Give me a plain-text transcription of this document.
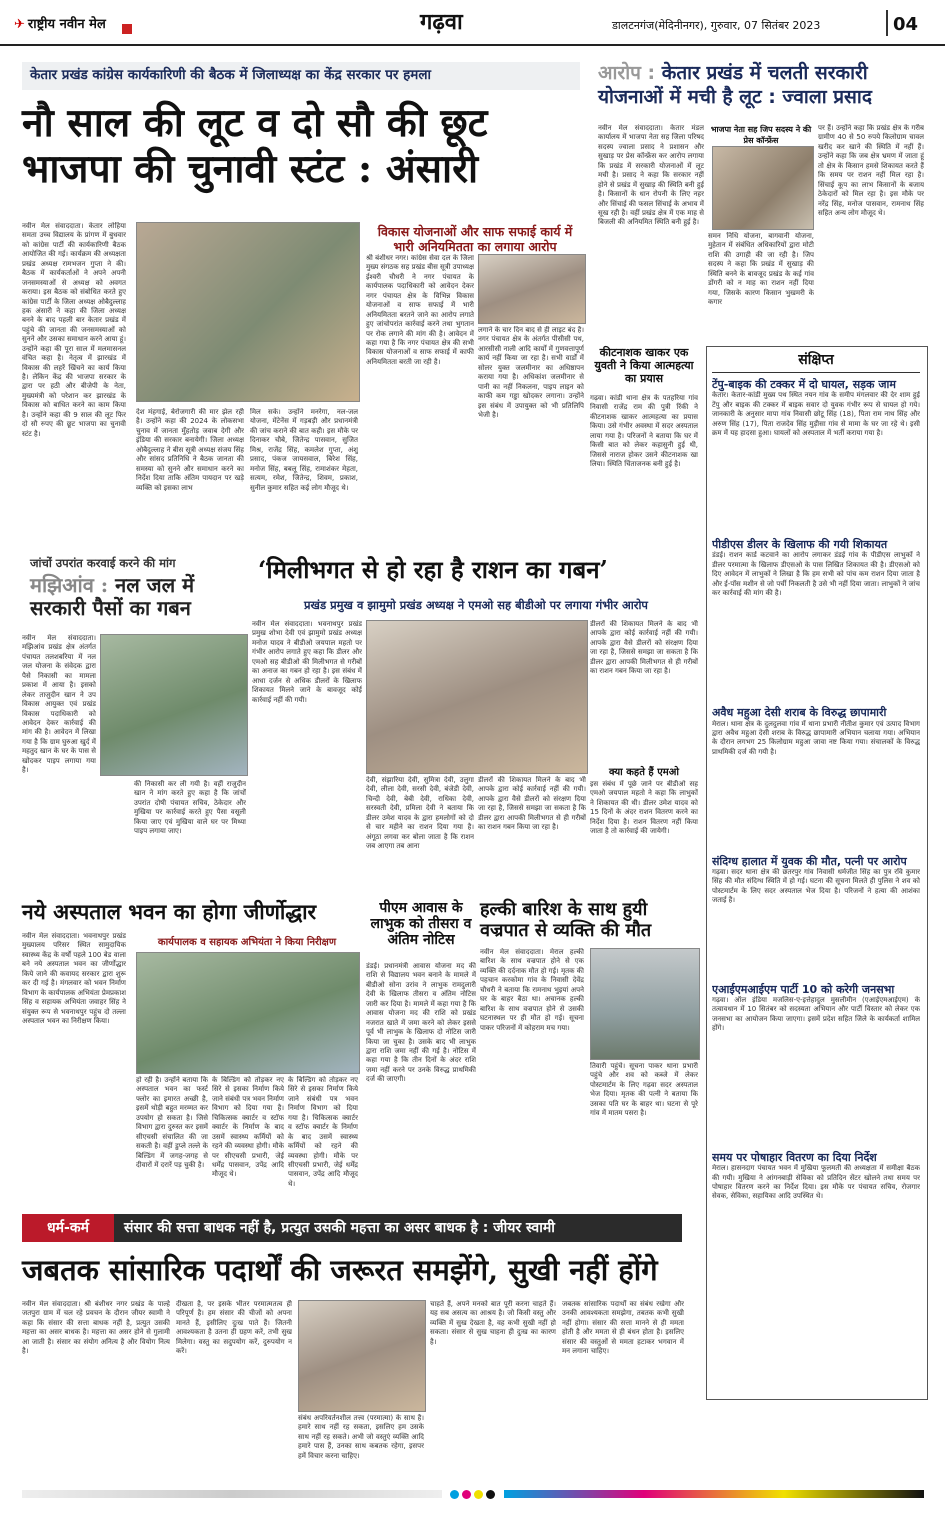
✈ राष्ट्रीय नवीन मेल	गढ़वा	डालटनगंज(मेदिनीनगर), गुरुवार, 07 सितंबर 2023	04
केतार प्रखंड कांग्रेस कार्यकारिणी की बैठक में जिलाध्यक्ष का केंद्र सरकार पर हमला
नौ साल की लूट व दो सौ की छूट
भाजपा की चुनावी स्टंट : अंसारी
नवीन मेल संवाददाता। केतार लोहिया समता उच्च विद्यालय के प्रांगण में बुधवार को कांग्रेस पार्टी की कार्यकारिणी बैठक आयोजित की गई। कार्यक्रम की अध्यक्षता प्रखंड अध्यक्ष रामभजन गुप्ता ने की। बैठक में कार्यकर्ताओं ने अपने अपनी जनसमस्याओं से अध्यक्ष को अवगत कराया। इस बैठक को संबोधित करते हुए कांग्रेस पार्टी के जिला अध्यक्ष ओबैदुल्लाह हक अंसारी ने कहा की जिला अध्यक्ष बनने के बाद पहली बार केतार प्रखंड में पहुंचे की जानता की जनसमस्याओं को सुनने और उसका समाधान करने आया हूं। उन्होंने कहा की पूरा साल में मलमासनल वंचित कहा है। नेतृत्व में झारखंड में विकास की लहरें खिंचने का कार्य किया है। लेकिन केंद्र की भाजपा सरकार के द्वारा पर हठी और बीजेपी के नेता, मुख्यमंत्री को परेशान कर झारखंड के विकास को बाधित करने का काम किया है। उन्होंने कहा की 9 साल की लूट फिर दो सौ रुपए की छूट भाजपा का चुनावी स्टंट है।
देश मंहगाई, बेरोजगारी की मार झेल रही है। उन्होंने कहा की 2024 के लोकसभा चुनाव में जानता मुँहतोड़ जवाब देगी और इंडिया की सरकार बनायेगी। जिला अध्यक्ष ओबैदुल्लाह ने बीस सूत्री अध्यक्ष संजय सिंह और सांसद प्रतिनिधि ने बैठक जानता की समस्या को सुनने और समाधान करने का निर्देश दिया ताकि अंतिम पायदान पर खड़े व्यक्ति को इसका लाभ
मिल सके। उन्होंने मनरेगा, नल-जल योजना, मेंटेनेंस में गड़बड़ी और प्रधानमंत्री की जांच कराने की बात कही। इस मौके पर दिनाकर चौबे, जितेन्द्र पासवान, सुजित मिश्र, राजेंद्र सिंह, कमलेश गुप्ता, अंशु प्रसाद, पंकज जायसवाल, बिरेश सिंह, मनोज सिंह, बबलू सिंह, रामाशंकर मेहता, सत्यम, रमेश, जितेन्द्र, शिवम, प्रकाश, सुनील कुमार सहित कई लोग मौजूद थे।
विकास योजनाओं और साफ सफाई कार्य में भारी अनियमितता का लगाया आरोप
श्री बंशीधर नगर। कांग्रेस सेवा दल के जिला मुख्य संगठक सह प्रखंड बीस सूत्री उपाध्यक्ष ईश्वरी चौधरी ने नगर पंचायत के कार्यपालक पदाधिकारी को आवेदन देकर नगर पंचायत क्षेत्र के विभिन्न विकास योजनाओं व साफ सफाई में भारी अनियमितता बरतने जाने का आरोप लगाते हुए जांचोपरांत कार्रवाई करने तथा भुगतान पर रोक लगाने की मांग की है। आवेदन में कहा गया है कि नगर पंचायत क्षेत्र की सभी विकास योजनाओं व साफ सफाई में काफी अनियमितता बरती जा रही है।
लगाने के चार दिन बाद से ही लाइट बंद है। नगर पंचायत क्षेत्र के अंतर्गत पीसीसी पथ, आरसीसी नाली आदि कार्यों में गुणवत्तापूर्ण कार्य नहीं किया जा रहा है। सभी वार्डों में सोलर युक्त जलमीनार का अधिष्ठापन कराया गया है। अधिकांश जलमीनार से पानी का नहीं निकलना, पाइप लाइन को काफी कम गड्ढा खोदकर लगाना। उन्होंने इस संबंध में उपायुक्त को भी प्रतिलिपि भेजी है।
आरोप : केतार प्रखंड में चलती सरकारी योजनाओं में मची है लूट : ज्वाला प्रसाद
नवीन मेल संवाददाता। केतार मंडल कार्यालय में भाजपा नेता सह जिला परिषद सदस्य ज्वाला प्रसाद ने प्रशासन और सुखाड़ पर प्रेस कॉन्फ्रेंस कर आरोप लगाया कि प्रखंड में सरकारी योजनाओं में लूट मची है। प्रसाद ने कहा कि सरकार नहीं होने से प्रखंड में सुखाड़ की स्थिति बनी हुई है। किसानों के धान रोपनी के लिए नहर और सिंचाई की फसल सिंचाई के अभाव में सूख रही है। वहीं प्रखंड क्षेत्र में एक माह से बिजली की अनियमित स्थिति बनी हुई है।
भाजपा नेता सह जिप सदस्य ने की प्रेस कॉन्फ्रेंस
समन निधि योजना, बागवानी योजना, मुहेतान में संबंधित अधिकारियों द्वारा मोटी राशि की उगाही की जा रही है। जिप सदस्य ने कहा कि प्रखंड में सुखाड़ की स्थिति बनने के बावजूद प्रखंड के कई गांव डोंगरी को न माह का राशन नहीं दिया गया, जिसके कारण किसान भुखमरी के कगार
पर हैं। उन्होंने कहा कि प्रखंड क्षेत्र के गरीब ग्रामीण 40 से 50 रुपये किलोग्राम चावल खरीद कर खाने की स्थिति में नहीं हैं। उन्होंने कहा कि जब क्षेत्र भ्रमण में जाता हूं तो क्षेत्र के किसान हमसे शिकायत करते हैं कि समय पर राशन नहीं मिल रहा है। सिंचाई कूप का लाभ किसानों के बजाय ठेकेदारों को मिल रहा है। इस मौके पर नरेंद्र सिंह, मनोज पासवान, रामनाथ सिंह सहित अन्य लोग मौजूद थे।
कीटनाशक खाकर एक युवती ने किया आत्महत्या का प्रयास
गढ़वा। कांडी थाना क्षेत्र के पतहरिया गांव निवासी राजेंद्र राम की पुत्री रिंकी ने कीटनाशक खाकर आत्महत्या का प्रयास किया। उसे गंभीर अवस्था में सदर अस्पताल लाया गया है। परिजनों ने बताया कि घर में किसी बात को लेकर कहासुनी हुई थी, जिससे नाराज होकर उसने कीटनाशक खा लिया। स्थिति चिंताजनक बनी हुई है।
जांचोंं उपरांत करवाई करने की मांग
मझिआंव : नल जल में सरकारी पैसों का गबन
नवीन मेल संवाददाता। मझिआंव प्रखंड क्षेत्र अंतर्गत पंचायत तलशबरिया में नल जल योजना के संवेदक द्वारा पैसे निकासी का मामला प्रकाश में आया है। इसको लेकर ताजुदीन खान ने उप विकास आयुक्त एवं प्रखंड विकास पदाधिकारी को आवेदन देकर कार्रवाई की मांग की है। आवेदन में लिखा गया है कि ग्राम घुरुआ खुर्द में महतुद खान के घर के पास से खोदकर पाइप लगाया गया है।
की निकासी कर ली गयी है। वहीं राजुदीन खान ने मांग करते हुए कहा है कि जांचोंं उपरांत दोषी पंचायत सचिव, ठेकेदार और मुखिया पर कार्रवाई करते हुए पैसा वसूली किया जाए एवं मुखिया वाले घर पर मिथ्या पाइप लगाया जाए।
‘मिलीभगत से हो रहा है राशन का गबन’
प्रखंड प्रमुख व झामुमो प्रखंड अध्यक्ष ने एमओ सह बीडीओ पर लगाया गंभीर आरोप
नवीन मेल संवाददाता। भवनाथपुर प्रखंड प्रमुख शोभा देवी एवं झामुमो प्रखंड अध्यक्ष मनोज यादव ने बीडीओ जयपाल महतो पर गंभीर आरोप लगाते हुए कहा कि डीलर और एमओ सह बीडीओ की मिलीभगत से गरीबों का अनाज का गबन हो रहा है। इस संबंध में आधा दर्जन से अधिक डीलरों के खिलाफ शिकायत मिलने जाने के बावजूद कोई कार्रवाई नहीं की गयी।
देवी, संझारिया देवी, सुमित्रा देवी, उलुगा देवी, लीला देवी, सरसी देवी, बंजेडी देवी, चिन्दी देवी, बेबी देवी, राधिका देवी, सरस्वती देवी, प्रमिला देवी ने बताया कि डीलर उमेश यादव के द्वारा हमलोगों को दो से चार महीने का राशन दिया गया है। अंगूठा लगवा कर बोला जाता है कि राशन जब आएगा तब आना
डीलरों की शिकायत मिलने के बाद भी आपके द्वारा कोई कार्रवाई नहीं की गयी। आपके द्वारा वैसे डीलरों को संरक्षण दिया जा रहा है, जिससे समझा जा सकता है कि डीलर द्वारा आपकी मिलीभगत से ही गरीबों का राशन गबन किया जा रहा है।
डीलरों की शिकायत मिलने के बाद भी आपके द्वारा कोई कार्रवाई नहीं की गयी। आपके द्वारा वैसे डीलरों को संरक्षण दिया जा रहा है, जिससे समझा जा सकता है कि डीलर द्वारा आपकी मिलीभगत से ही गरीबों का राशन गबन किया जा रहा है।
क्या कहते हैं एमओ
इस संबंध में पूछे जाने पर बीडीओ सह एमओ जयपाल महतो ने कहा कि लाभुकों ने शिकायत की थी। डीलर उमेश यादव को 15 दिनों के अंदर राशन वितरण करने का निर्देश दिया है। राशन वितरण नहीं किया जाता है तो कार्रवाई की जायेगी।
नये अस्पताल भवन का होगा जीर्णोद्धार
नवीन मेल संवाददाता। भवनाथपुर प्रखंड मुख्यालय परिसर स्थित सामुदायिक स्वास्थ्य केंद्र के वर्षों पहले 100 बेड वाला बने नये अस्पताल भवन का जीर्णोद्धार किये जाने की कवायद सरकार द्वारा शुरू कर दी गई है। मंगलवार को भवन निर्माण विभाग के कार्यपालक अभियंता प्रेमप्रकाश सिंह व सहायक अभियंता जवाहर सिंह ने संयुक्त रूप से भवनाथपुर पहुंच दो तल्ला अस्पताल भवन का निरीक्षण किया।
कार्यपालक व सहायक अभियंता ने किया निरीक्षण
हो रही है। उन्होंने बताया कि अस्पताल भवन का फर्स्ट फ्लोर का इमारत अच्छी है, इसमें थोड़ी बहुत मरम्मत कर उपयोग हो सकता है। जिसे विभाग द्वारा दुरुस्त कर इसमें सीएचसी संचालित की जा सकती है। वहीं डुप्ले तल्ले के बिल्डिंग में जगह-जगह से दीवारों में दरारें पड़ चुकी है।
के बिल्डिंग को तोड़कर नए सिरे से इसका निर्माण किये जाने संबंधी पत्र भवन निर्माण विभाग को दिया गया है। चिकित्सक क्वार्टर व स्टॉफ क्वार्टर के निर्माण के बाद उसमें स्वास्थ्य कर्मियों को रहने की व्यवस्था होगी। मौके पर सीएचसी प्रभारी, जेई धर्मेंद्र पासवान, उपेंद्र आदि मौजूद थे।
के बिल्डिंग को तोड़कर नए सिरे से इसका निर्माण किये जाने संबंधी पत्र भवन निर्माण विभाग को दिया गया है। चिकित्सक क्वार्टर व स्टॉफ क्वार्टर के निर्माण के बाद उसमें स्वास्थ्य कर्मियों को रहने की व्यवस्था होगी। मौके पर सीएचसी प्रभारी, जेई धर्मेंद्र पासवान, उपेंद्र आदि मौजूद थे।
पीएम आवास के लाभुक को तीसरा व अंतिम नोटिस
डंडई। प्रधानमंत्री आवास योजना मद की राशि से विद्यालय भवन बनाने के मामले में बीडीओ सोना उरांव ने लाभुक रामदुलारी देवी के खिलाफ तीसरा व अंतिम नोटिस जारी कर दिया है। मामले में कहा गया है कि आवास योजना मद की राशि को प्रखंड नजरात खाते में जमा करने को लेकर इससे पूर्व भी लाभुक के खिलाफ दो नोटिस जारी किया जा चुका है। उसके बाद भी लाभुक द्वारा राशि जमा नहीं की गई है। नोटिस में कहा गया है कि तीन दिनों के अंदर राशि जमा नहीं करने पर उनके विरुद्ध प्राथमिकी दर्ज की जाएगी।
हल्की बारिश के साथ हुयी वज्रपात से व्यक्ति की मौत
नवीन मेल संवाददाता। मेराल हल्की बारिश के साथ वज्रपात होने से एक व्यक्ति की दर्दनाक मौत हो गई। मृतक की पहचान करकोमा गांव के निवासी देवेंद्र चौधरी ने बताया कि रामनाथ भुइयां अपने घर के बाहर बैठा था। अचानक हल्की बारिश के साथ वज्रपात होने से उसकी घटनास्थल पर ही मौत हो गई। सूचना पाकर परिजनों में कोहराम मच गया।
तिवारी पहुंचे। सूचना पाकर थाना प्रभारी पहुंचे और शव को कब्जे में लेकर पोस्टमार्टम के लिए गढ़वा सदर अस्पताल भेज दिया। मृतक की पत्नी ने बताया कि उसका पति घर के बाहर था। घटना से पूरे गांव में मातम पसरा है।
संक्षिप्त
टेंपु-बाइक की टक्कर में दो घायल, सड़क जाम
केतार। केतार-कांडी मुख्य पथ स्थित नयन गांव के समीप मंगलवार की देर शाम हुई टेंपु और बाइक की टक्कर में बाइक सवार दो युवक गंभीर रूप से घायल हो गये। जानकारी के अनुसार मापा गांव निवासी छोटू सिंह (18), पिता राम नाथ सिंह और अरुण सिंह (17), पिता राजदेव सिंह मुड़ीसा गांव से मामा के घर जा रहे थे। इसी क्रम में यह हादसा हुआ। घायलों को अस्पताल में भर्ती कराया गया है।
पीडीएस डीलर के खिलाफ की गयी शिकायत
डंडई। राशन कार्ड कटवाने का आरोप लगाकर डंडई गांव के पीडीएस लाभुकों ने डीलर परमात्मा के खिलाफ डीएसओ के पास लिखित शिकायत की है। डीएसओ को दिए आवेदन में लाभुकों ने लिखा है कि हम सभी को पांच कम राशन दिया जाता है और ई-पॉस मशीन से जो पर्ची निकलती है उसे भी नहीं दिया जाता। लाभुकों ने जांच कर कार्रवाई की मांग की है।
अवैध महुआ देसी शराब के विरुद्ध छापामारी
मेराल। थाना क्षेत्र के दुलदुलवा गांव में थाना प्रभारी नीतीश कुमार एवं उत्पाद विभाग द्वारा अवैध महुआ देसी शराब के विरुद्ध छापामारी अभियान चलाया गया। अभियान के दौरान लगभग 25 किलोग्राम महुआ जावा नष्ट किया गया। संचालकों के विरुद्ध प्राथमिकी दर्ज की गयी है।
संदिग्ध हालात में युवक की मौत, पत्नी पर आरोप
गढ़वा। सदर थाना क्षेत्र की छतरपुर गांव निवासी धर्मजीत सिंह का पुत्र रवि कुमार सिंह की मौत संदिग्ध स्थिति में हो गई। घटना की सूचना मिलते ही पुलिस ने शव को पोस्टमार्टम के लिए सदर अस्पताल भेज दिया है। परिजनों ने हत्या की आशंका जताई है।
एआईएमआईएम पार्टी 10 को करेगी जनसभा
गढ़वा। ऑल इंडिया मजलिस-ए-इत्तेहादुल मुसलीमीन (एआईएमआईएम) के तत्वावधान में 10 सितंबर को सदस्यता अभियान और पार्टी विस्तार को लेकर एक जनसभा का आयोजन किया जाएगा। इसमें प्रदेश सहित जिले के कार्यकर्ता शामिल होंगे।
समय पर पोषाहार वितरण का दिया निर्देश
मेराल। हासनदाग पंचायत भवन में मुखिया फूलमती की अध्यक्षता में समीक्षा बैठक की गयी। मुखिया ने आंगनबाड़ी सेविका को प्रतिदिन सेंटर खोलने तथा समय पर पोषाहार वितरण करने का निर्देश दिया। इस मौके पर पंचायत सचिव, रोजगार सेवक, सेविका, सहायिका आदि उपस्थित थे।
धर्म-कर्म	संसार की सत्ता बाधक नहीं है, प्रत्युत उसकी महत्ता का असर बाधक है : जीयर स्वामी
जबतक सांसारिक पदार्थों की जरूरत समझेंगे, सुखी नहीं होंगे
नवीन मेल संवाददाता। श्री बंशीधर नगर प्रखंड के पाल्हे जतपुरा ग्राम में चल रहे प्रवचन के दौरान जीयर स्वामी ने कहा कि संसार की सत्ता बाधक नहीं है, प्रत्युत उसकी महत्ता का असर बाधक है। महत्ता का असर होने से गुलामी आ जाती है। संसार का संयोग अनित्य है और वियोग नित्य है।
दीखता है, पर इसके भीतर परमात्मतत्व ही परिपूर्ण है। हम संसार की चीजों को अपना मानते हैं, इसीलिए दुःख पाते हैं। जितनी आवश्यकता है उतना ही ग्रहण करें, तभी सुख मिलेगा। वस्तु का सदुपयोग करें, दुरुपयोग न करें।
संबंध अपरिवर्तनशील तत्त्व (परमात्मा) के साथ है। हमारे साथ नहीं रह सकता, इसलिए हम उसके साथ नहीं रह सकते। अभी जो वस्तुएं व्यक्ति आदि हमारे पास हैं, उनका साथ कबतक रहेगा, इसपर हमें विचार करना चाहिए।
चाहते हैं, अपने मनको बात पूरी करना चाहते हैं। यह सब असत्य का आश्रय है। जो किसी वस्तु और व्यक्ति में सुख देखता है, वह कभी सुखी नहीं हो सकता। संसार से सुख चाहना ही दुःख का कारण है।
जबतक सांसारिक पदार्थों का संबंध रखेगा और उनकी आवश्यकता समझेगा, तबतक कभी सुखी नहीं होगा। संसार की सत्ता मानने से ही ममता होती है और ममता से ही बंधन होता है। इसलिए संसार की वस्तुओं से ममता हटाकर भगवान में मन लगाना चाहिए।
